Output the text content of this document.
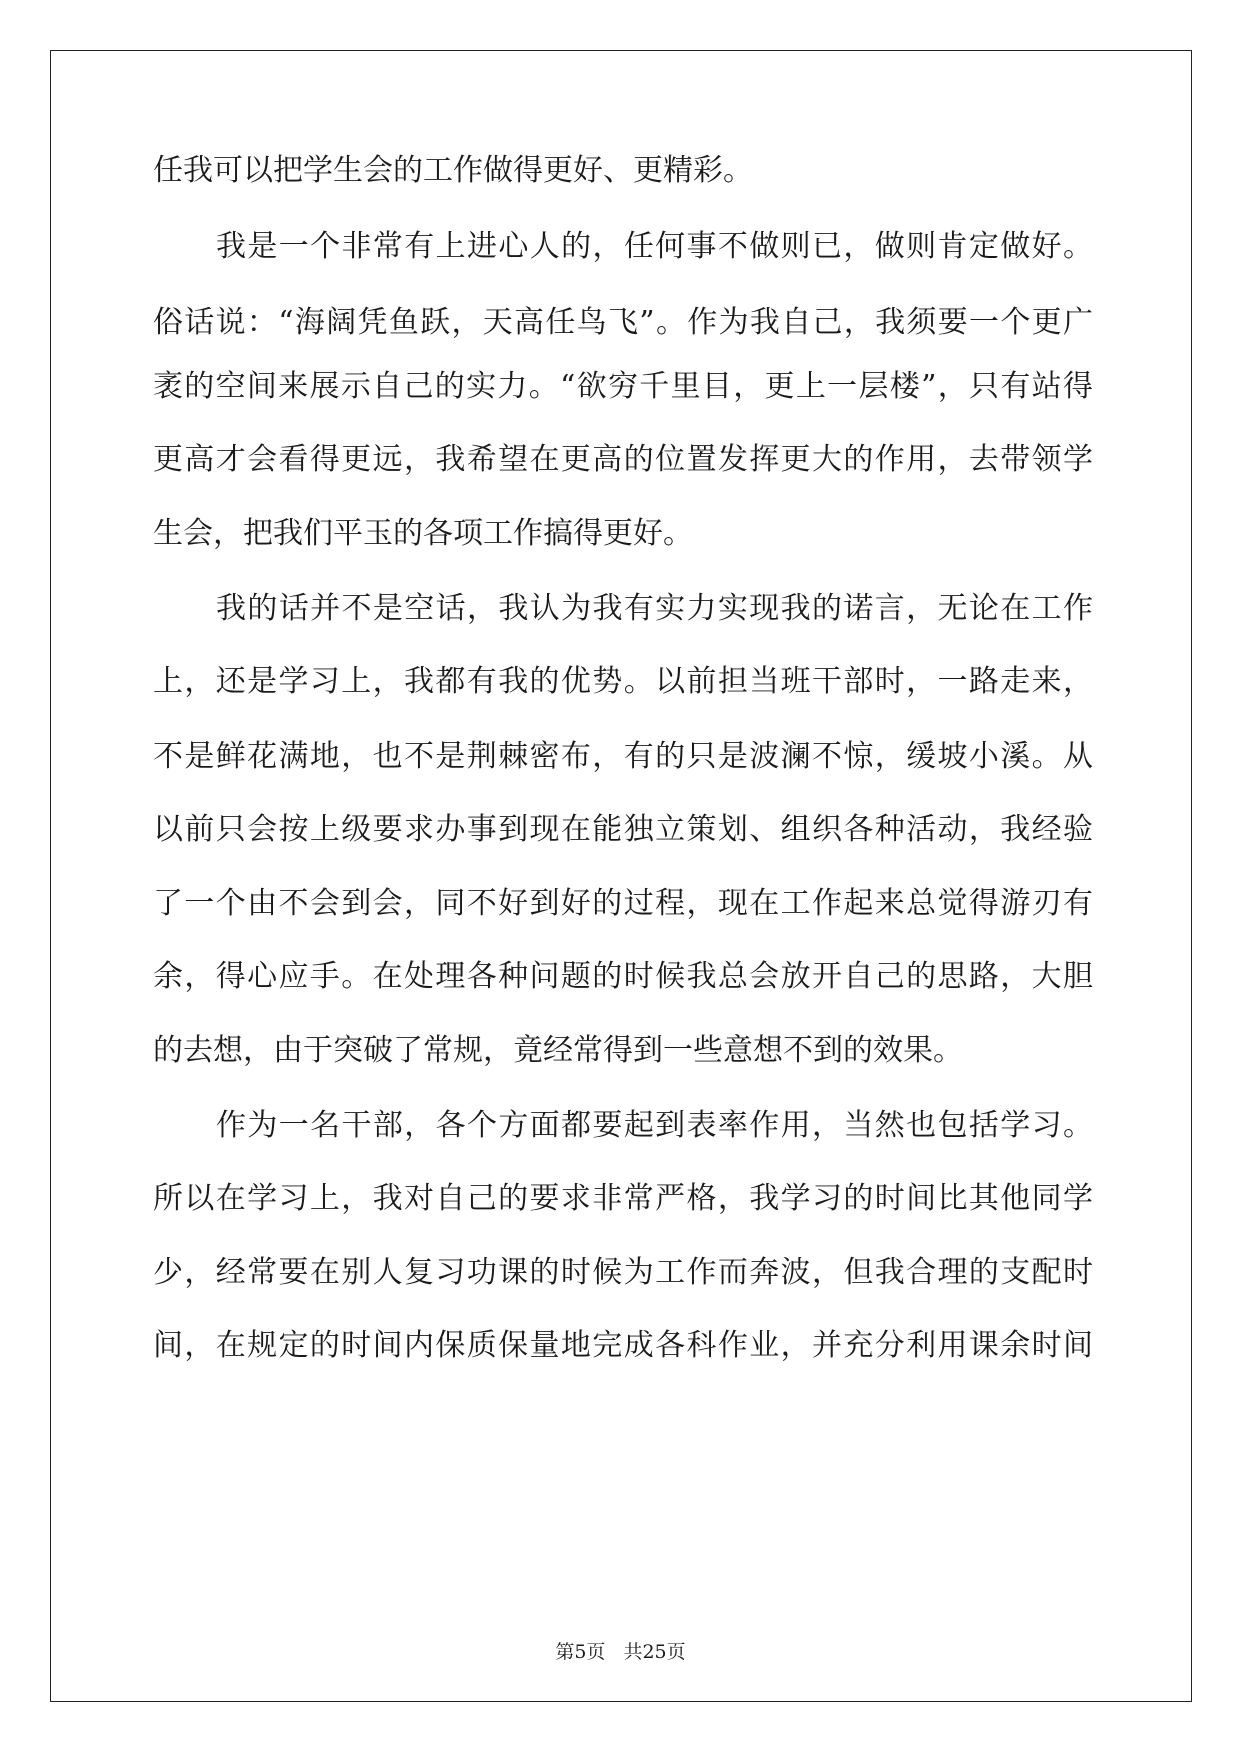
任我可以把学生会的工作做得更好、更精彩。
我是一个非常有上进心人的，任何事不做则已，做则肯定做好。
俗话说：“海阔凭鱼跃，天高任鸟飞”。作为我自己，我须要一个更广
袤的空间来展示自己的实力。“欲穷千里目，更上一层楼”，只有站得
更高才会看得更远，我希望在更高的位置发挥更大的作用，去带领学
生会，把我们平玉的各项工作搞得更好。
我的话并不是空话，我认为我有实力实现我的诺言，无论在工作
上，还是学习上，我都有我的优势。以前担当班干部时，一路走来，
不是鲜花满地，也不是荆棘密布，有的只是波澜不惊，缓坡小溪。从
以前只会按上级要求办事到现在能独立策划、组织各种活动，我经验
了一个由不会到会，同不好到好的过程，现在工作起来总觉得游刃有
余，得心应手。在处理各种问题的时候我总会放开自己的思路，大胆
的去想，由于突破了常规，竟经常得到一些意想不到的效果。
作为一名干部，各个方面都要起到表率作用，当然也包括学习。
所以在学习上，我对自己的要求非常严格，我学习的时间比其他同学
少，经常要在别人复习功课的时候为工作而奔波，但我合理的支配时
间，在规定的时间内保质保量地完成各科作业，并充分利用课余时间
第5页 共25页
